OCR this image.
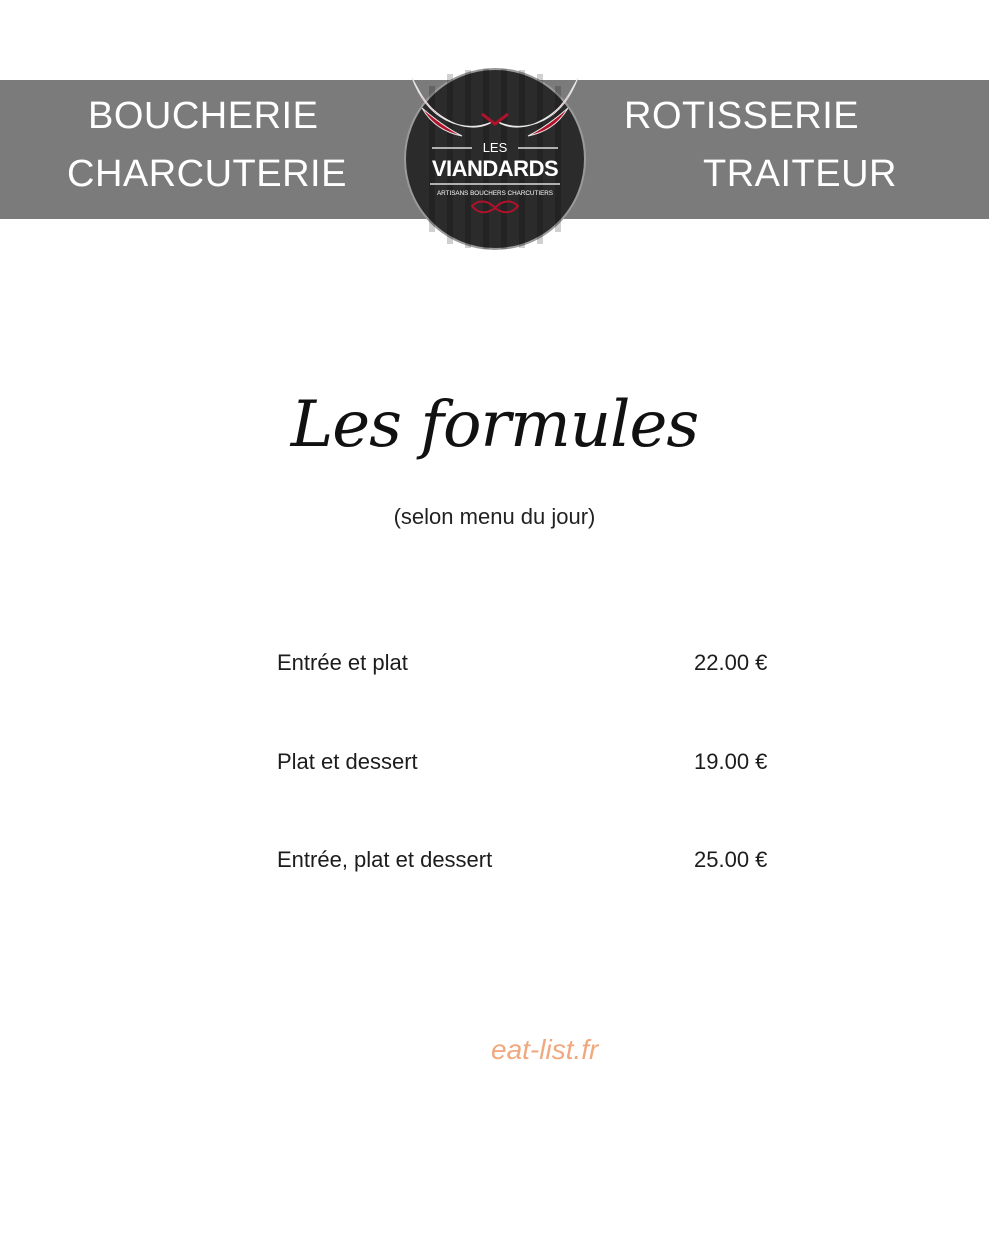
BOUCHERIE
CHARCUTERIE
ROTISSERIE
TRAITEUR
LES
VIANDARDS
ARTISANS BOUCHERS CHARCUTIERS
Les formules
(selon menu du jour)
Entrée et plat	22.00 €
Plat et dessert	19.00 €
Entrée, plat et dessert	25.00 €
eat-list.fr
